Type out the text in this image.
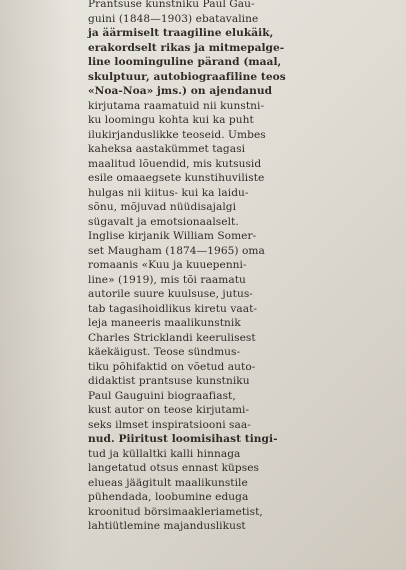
Prantsuse kunstniku Paul Gau-
guini (1848—1903) ebatavaline
ja äärmiselt traagiline elukäik,
erakordselt rikas ja mitmepalge-
line loominguline pärand (maal,
skulptuur, autobiograafiline teos
«Noa-Noa» jms.) on ajendanud
kirjutama raamatuid nii kunstni-
ku loomingu kohta kui ka puht
ilukirjanduslikke teoseid. Umbes
kaheksa aastakümmet tagasi
maalitud lõuendid, mis kutsusid
esile omaaegsete kunstihuviliste
hulgas nii kiitus- kui ka laidu-
sõnu, mõjuvad nüüdisajalgi
sügavalt ja emotsionaalselt.
Inglise kirjanik William Somer-
set Maugham (1874—1965) oma
romaanis «Kuu ja kuuepenni-
line» (1919), mis tõi raamatu
autorile suure kuulsuse, jutus-
tab tagasihoidlikus kiretu vaat-
leja maneeris maalikunstnik
Charles Stricklandi keerulisest
käekäigust. Teose sündmus-
tiku põhifaktid on võetud auto-
didaktist prantsuse kunstniku
Paul Gauguini biograafiast,
kust autor on teose kirjutami-
seks ilmset inspiratsiooni saa-
nud. Piiritust loomisihast tingi-
tud ja küllaltki kalli hinnaga
langetatud otsus ennast küpses
elueas jäägitult maalikunstile
pühendada, loobumine eduga
kroonitud börsimaakleriametist,
lahtiütlemine majanduslikust
